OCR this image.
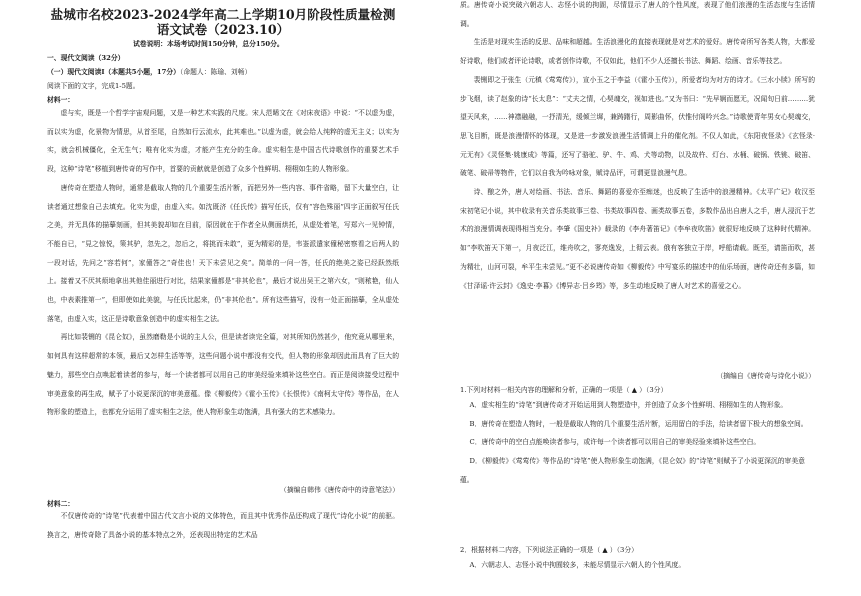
盐城市名校2023-2024学年高二上学期10月阶段性质量检测
语文试卷（2023.10）
试卷说明：本场考试时间150分钟，总分150分。
一、现代文阅读（32分）
（一）现代文阅读Ⅰ（本题共5小题，17分）（命题人：陈瑜、刘畅）
阅读下面的文字，完成1-5题。
材料一：

虚与实，既是一个哲学宇宙观问题，又是一种艺术实践的尺度。宋人范晞文在《对床夜语》中说：“不以虚为虚，而以实为虚，化景物为情思，从首至尾，自然如行云流水，此其难也。”以虚为虚，就会给人纯粹的虚无主义；以实为实，就会机械僵化，全无生气；唯有化实为虚，才能产生充分的生命。虚实相生是中国古代诗歌创作的重要艺术手段，这种“诗笔”移植到唐传奇的写作中，首要的贡献就是创造了众多个性鲜明、栩栩如生的人物形象。

唐传奇在塑造人物时，通常是截取人物的几个重要生活片断，而把另外一些内容、事件省略，留下大量空白，让读者通过想象自己去填充。化实为虚，由虚入实。如沈既济《任氏传》描写任氏，仅有“容色殊丽”四字正面叙写任氏之美，并无具体的描摹刻画，但其美貌却如在目前，原因就在于作者全从侧面烘托，从虚处着笔，写郑六一见钟情，不能自已，“見之惊悦，策其驴，忽先之，忽后之，将挑而未敢”，更为精彩的是，韦崟派遣家僮秘密察看之后两人的一段对话，先问之“容若何”，家僮答之“奇佳也！天下未尝见之矣”。简单的一问一答，任氏的绝美之姿已经跃然纸上。接着又不厌其烦地拿出其他佳丽进行对比，结果家僮都是“非其伦也”，最后才说出吴王之第六女，“则秾艳，仙人也，中表素推第一”，但即使如此美貌，与任氏比起来，仍“非其伦也”。所有这些描写，没有一处正面描摹，全从虚处落笔，由虚入实，这正是诗歌意象创造中的虚实相生之法。

再比如裴铏的《昆仑奴》，虽然磨勒是小说的主人公，但是读者读完全篇，对其所知仍然甚少，他究竟从哪里来，如何具有这样超常的本领，最后又怎样生活等等，这些问题小说中都没有交代，但人物的形象却因此而具有了巨大的魅力，那些空白点唤起着读者的参与，每一个读者都可以用自己的审美经验来填补这些空白。而正是阅读接受过程中审美意象的再生成，赋予了小说更深沉的审美意蕴。像《柳毅传》《霍小玉传》《长恨传》《南柯太守传》等作品，在人物形象的塑造上，也都充分运用了虚实相生之法，使人物形象生动饱满，具有强大的艺术感染力。

（摘编自韩伟《唐传奇中的诗意笔法》）
材料二：

不仅唐传奇的“诗笔”代表着中国古代文言小说的文体特色，而且其中优秀作品还构成了现代“诗化小说”的前驱。换言之，唐传奇除了具备小说的基本特点之外，还表现出特定的艺术品

质。唐传奇小说突破六朝志人、志怪小说的拘圄，尽情显示了唐人的个性风度，表现了他们浪漫的生活态度与生活情调。

生活是对现实生活的反思、品味和超越。生活浪漫化的直接表现就是对艺术的爱好。唐传奇所写各类人物，大都爱好诗歌，他们或者评论诗歌，或者创作诗歌，不仅如此，他们不少人还擅长书法、舞蹈、绘画、音乐等技艺。

裴铏即之于张生（元稹《莺莺传》），宣小玉之于李益（《霍小玉传》），所爱者均为对方的诗才。《三水小牍》所写的步飞烟，读了赵象的诗“长太息”：“丈夫之情，心契魂交，视如进也。”又为书曰：“先早娴而愿无，况闻旬日前………犹望天风来，……神襟融融，一抒清光，缓倾兰墀，兼踌躇行，周影曲怀，伏惟付阁吟兴念。”诗歌使青年男女心契魂交，思飞目断，既是浪漫情怀的体现，又是进一步激发浪漫生活情调上升的催化剂。不仅人如此，《东阳夜怪录》《玄怪录·元无有》《灵怪集·姚康成》等篇，还写了骆驼、驴、牛、鸡、犬等动物，以及故杵、灯台、水桶、破锅、铁铫、破笛、破笔、破帚等物件，它们以自我为吟咏对象，赋诗品评，可谓更显浪漫气息。

诗、酿之外，唐人对绘画、书法、音乐、舞蹈的喜爱亦至痴迷，也反映了生活中的浪漫精神。《太平广记》收汉至宋初笔记小说，其中收录有关音乐类故事三卷、书类故事四卷、画类故事五卷，多数作品出自唐人之手，唐人浸沉于艺术的浪漫情调表现得相当充分。李肇《国史补》载录的《李舟著笛记》《李牟夜吹笛》就很好地反映了这种时代精神。如“李吹笛天下第一，月夜泛江，维舟吹之，寥亮逸发，上彻云表。俄有客独立于岸，呼船请载。既至，请笛而吹，甚为精壮，山河可裂，牟平生未尝见。”更不必说唐传奇如《柳毅传》中写宴乐的描述中的仙乐场面，唐传奇还有多篇，如《甘泽谣·许云封》《逸史·李暮》《博异志·吕乡筠》等，多生动地反映了唐人对艺术的喜爱之心。

（摘编自《唐传奇与诗化小说》）
1.下列对材料一相关内容的理解和分析，正确的一项是（ ▲ ）（3分）
A．虚实相生的“诗笔”到唐传奇才开始运用到人物塑造中，并创造了众多个性鲜明、栩栩如生的人物形象。
B．唐传奇在塑造人物时，一般是截取人物的几个重要生活片断，运用留白的手法，给读者留下极大的想象空间。
C．唐传奇中的空白点能唤读者参与，或许每一个读者都可以用自己的审美经验来填补这些空白。
D．《柳毅传》《莺莺传》等作品的“诗笔”使人物形象生动饱满，《昆仑奴》的“诗笔”则赋予了小说更深沉的审美意蕴。
2．根据材料二内容，下列说法正确的一项是（ ▲ ）（3分）
A．六朝志人、志怪小说中拘囿较多，未能尽情显示六朝人的个性风度。
